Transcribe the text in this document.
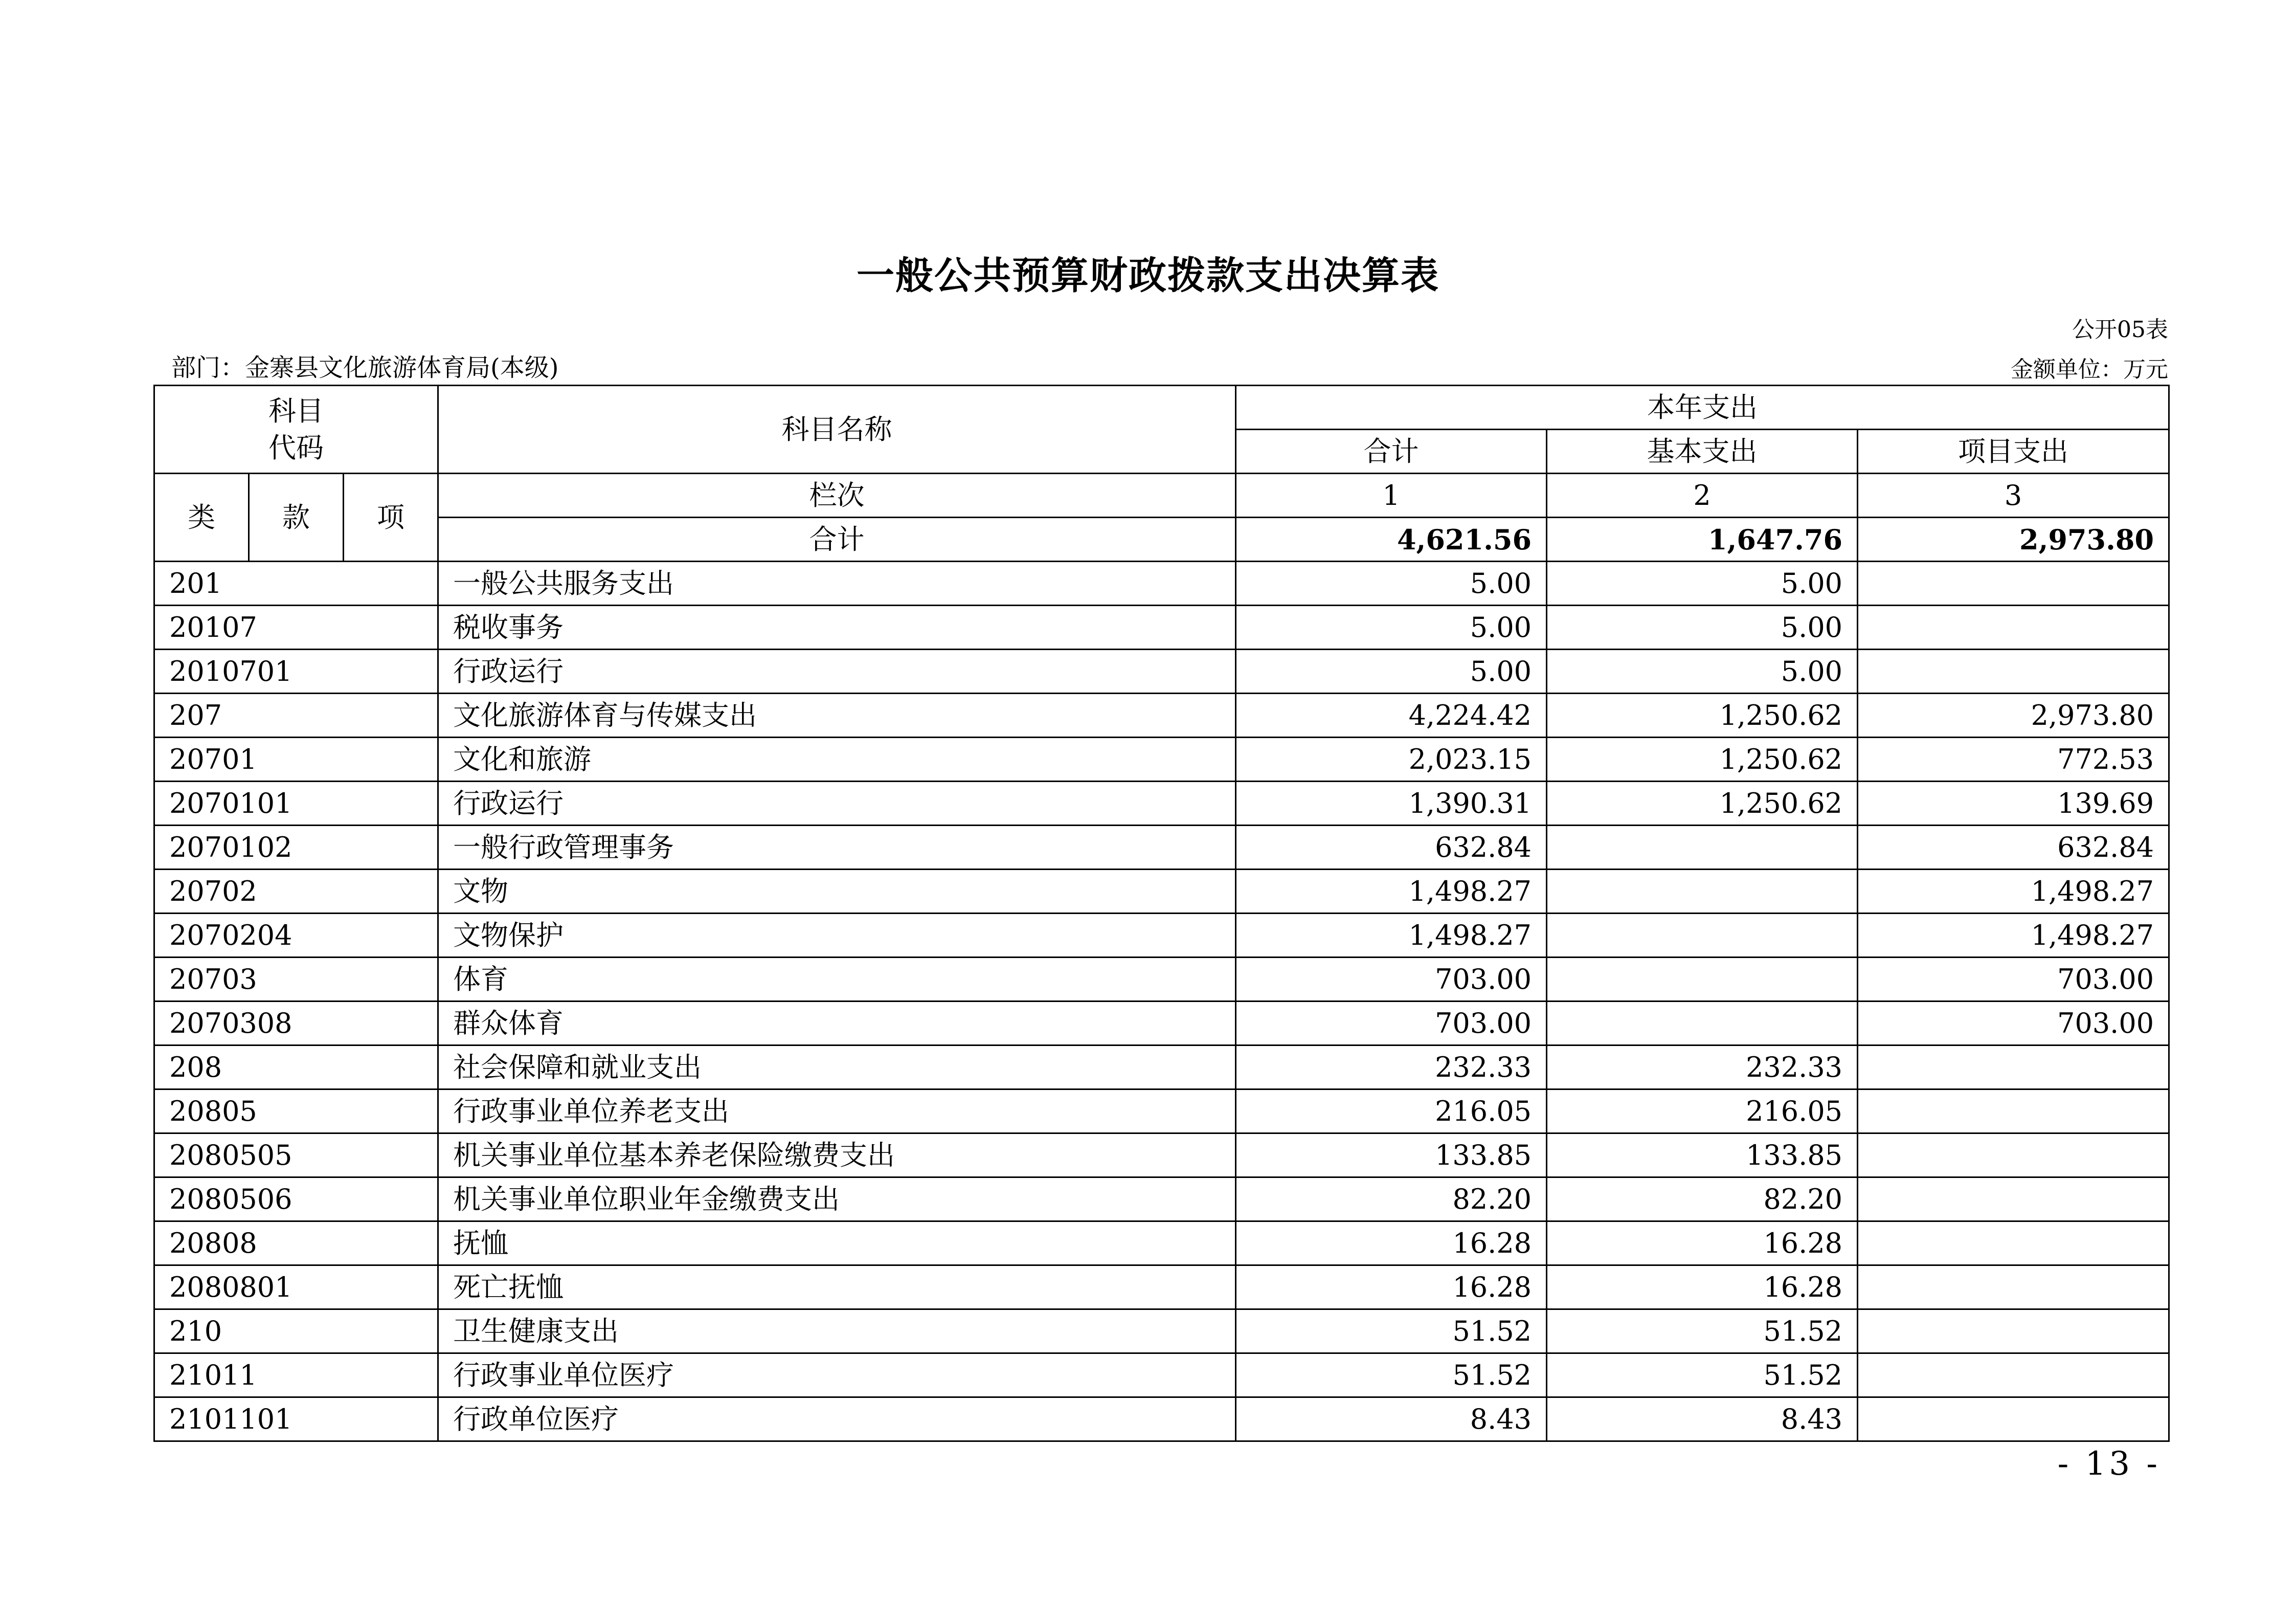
一般公共预算财政拨款支出决算表
公开05表
部门：金寨县文化旅游体育局(本级)	金额单位：万元
科目
代码			科目名称	本年支出		
				合计	基本支出	项目支出
类	款	项	栏次	1	2	3
			合计	4,621.56	1,647.76	2,973.80
201			一般公共服务支出	5.00	5.00	
20107			税收事务	5.00	5.00	
2010701			行政运行	5.00	5.00	
207			文化旅游体育与传媒支出	4,224.42	1,250.62	2,973.80
20701			文化和旅游	2,023.15	1,250.62	772.53
2070101			行政运行	1,390.31	1,250.62	139.69
2070102			一般行政管理事务	632.84		632.84
20702			文物	1,498.27		1,498.27
2070204			文物保护	1,498.27		1,498.27
20703			体育	703.00		703.00
2070308			群众体育	703.00		703.00
208			社会保障和就业支出	232.33	232.33	
20805			行政事业单位养老支出	216.05	216.05	
2080505			机关事业单位基本养老保险缴费支出	133.85	133.85	
2080506			机关事业单位职业年金缴费支出	82.20	82.20	
20808			抚恤	16.28	16.28	
2080801			死亡抚恤	16.28	16.28	
210			卫生健康支出	51.52	51.52	
21011			行政事业单位医疗	51.52	51.52	
2101101			行政单位医疗	8.43	8.43	
- 13 -
